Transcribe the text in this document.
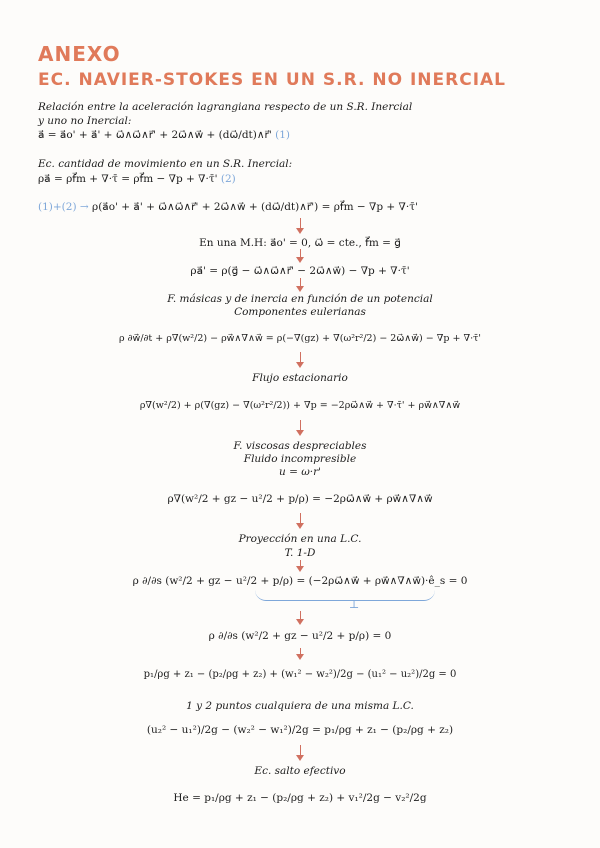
ANEXO
EC. NAVIER-STOKES EN UN S.R. NO INERCIAL
Relación entre la aceleración lagrangiana respecto de un S.R. Inercial
y uno no Inercial:
a⃗ = a⃗o' + a⃗' + ω⃗∧ω⃗∧r⃗' + 2ω⃗∧w⃗ + (dω⃗/dt)∧r⃗' (1)
Ec. cantidad de movimiento en un S.R. Inercial:
ρa⃗ = ρf⃗m + ∇·τ̄ = ρf⃗m − ∇p + ∇·τ̄' (2)
(1)+(2) → ρ(a⃗o' + a⃗' + ω⃗∧ω⃗∧r⃗' + 2ω⃗∧w⃗ + (dω⃗/dt)∧r⃗') = ρf⃗m − ∇p + ∇·τ̄'
En una M.H: a⃗o' = 0, ω⃗ = cte., f⃗m = g⃗
ρa⃗' = ρ(g⃗ − ω⃗∧ω⃗∧r⃗' − 2ω⃗∧w⃗) − ∇p + ∇·τ̄'
F. másicas y de inercia en función de un potencial
Componentes eulerianas
ρ ∂w⃗/∂t + ρ∇(w²/2) − ρw⃗∧∇∧w⃗ = ρ(−∇(gz) + ∇(ω²r²/2) − 2ω⃗∧w⃗) − ∇p + ∇·τ̄'
Flujo estacionario
ρ∇(w²/2) + ρ(∇(gz) − ∇(ω²r²/2)) + ∇p = −2ρω⃗∧w⃗ + ∇·τ̄' + ρw⃗∧∇∧w⃗
F. viscosas despreciables
Fluido incompresible
u = ω·r'
ρ∇(w²/2 + gz − u²/2 + p/ρ) = −2ρω⃗∧w⃗ + ρw⃗∧∇∧w⃗
Proyección en una L.C.
T. 1-D
ρ ∂/∂s (w²/2 + gz − u²/2 + p/ρ) = (−2ρω⃗∧w⃗ + ρw⃗∧∇∧w⃗)·ê_s = 0
⊥
ρ ∂/∂s (w²/2 + gz − u²/2 + p/ρ) = 0
p₁/ρg + z₁ − (p₂/ρg + z₂) + (w₁² − w₂²)/2g − (u₁² − u₂²)/2g = 0
1 y 2 puntos cualquiera de una misma L.C.
(u₂² − u₁²)/2g − (w₂² − w₁²)/2g = p₁/ρg + z₁ − (p₂/ρg + z₂)
Ec. salto efectivo
He = p₁/ρg + z₁ − (p₂/ρg + z₂) + v₁²/2g − v₂²/2g
